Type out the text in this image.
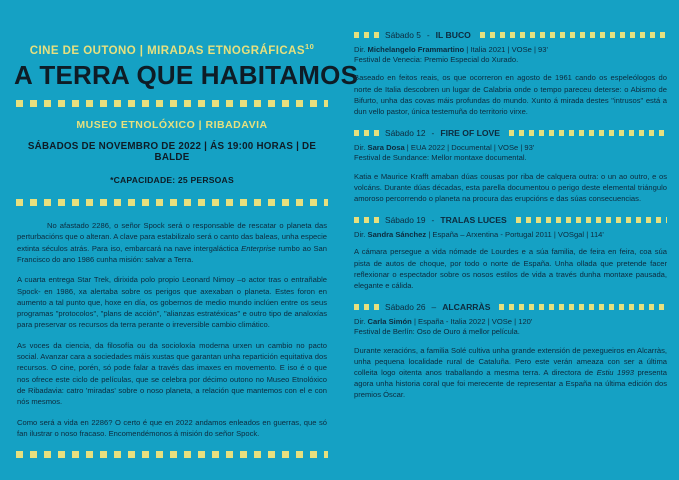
CINE DE OUTONO | MIRADAS ETNOGRÁFICAS$^{10}$
A TERRA QUE HABITAMOS
MUSEO ETNOLÓXICO | RIBADAVIA
SÁBADOS DE NOVEMBRO DE 2022 | ÁS 19:00 HORAS | DE BALDE
*CAPACIDADE: 25 PERSOAS

No afastado 2286, o señor Spock será o responsable de rescatar o planeta das perturbacións que o alteran. A clave para estabilizalo será o canto das baleas, unha especie extinta séculos atrás. Para iso, embarcará na nave intergaláctica Enterprise rumbo ao San Francisco do ano 1986 cunha misión: salvar a Terra.

A cuarta entrega Star Trek, dirixida polo propio Leonard Nimoy –o actor tras o entrañable Spock- en 1986, xa alertaba sobre os perigos que axexaban o planeta. Estes foron en aumento a tal punto que, hoxe en día, os gobernos de medio mundo inclúen entre os seus programas "protocolos", "plans de acción", "alianzas estratéxicas" e outro tipo de analoxías para preservar os recursos da terra perante o irreversible cambio climático.

As voces da ciencia, da filosofía ou da socioloxía moderna urxen un cambio no pacto social. Avanzar cara a sociedades máis xustas que garantan unha repartición equitativa dos recursos. O cine, porén, só pode falar a través das imaxes en movemento. E iso é o que nos ofrece este ciclo de películas, que se celebra por décimo outono no Museo Etnolóxico de Ribadavia: catro 'miradas' sobre o noso planeta, a relación que mantemos con el e con nós mesmos.

Como será a vida en 2286? O certo é que en 2022 andamos enleados en guerras, que só fan ilustrar o noso fracaso. Encomendémonos á misión do señor Spock.

Sábado 5 - IL BUCO
Dir. Michelangelo Frammartino | Italia 2021 | VOSe | 93'
Festival de Venecia: Premio Especial do Xurado.
Baseado en feitos reais, os que ocorreron en agosto de 1961 cando os espeleólogos do norte de Italia descobren un lugar de Calabria onde o tempo pareceu deterse: o Abismo de Bifurto, unha das covas máis profundas do mundo. Xunto á mirada destes "intrusos" está a dun vello pastor, única testemuña do territorio virxe.
Sábado 12 - FIRE OF LOVE
Dir. Sara Dosa | EUA 2022 | Documental | VOSe | 93'
Festival de Sundance: Mellor montaxe documental.
Katia e Maurice Krafft amaban dúas cousas por riba de calquera outra: o un ao outro, e os volcáns. Durante dúas décadas, esta parella documentou o perigo deste elemental triángulo amoroso percorrendo o planeta na procura das erupcións e das súas consecuencias.
Sábado 19 - TRALAS LUCES
Dir. Sandra Sánchez | España – Arxentina - Portugal 2011 | VOSgal | 114'
A cámara persegue a vida nómade de Lourdes e a súa familia, de feira en feira, coa súa pista de autos de choque, por todo o norte de España. Unha ollada que pretende facer reflexionar o espectador sobre os nosos estilos de vida a través dunha montaxe pausada, elegante e cálida.
Sábado 26 – ALCARRÀS
Dir. Carla Simón | España - Italia 2022 | VOSe | 120'
Festival de Berlín: Oso de Ouro á mellor película.
Durante xeracións, a familia Solé cultiva unha grande extensión de pexegueiros en Alcarràs, unha pequena localidade rural de Cataluña. Pero este verán ameaza con ser a última colleita logo oitenta anos traballando a mesma terra. A directora de Estiu 1993 presenta agora unha historia coral que foi merecente de representar a España na última edición dos premios Óscar.
